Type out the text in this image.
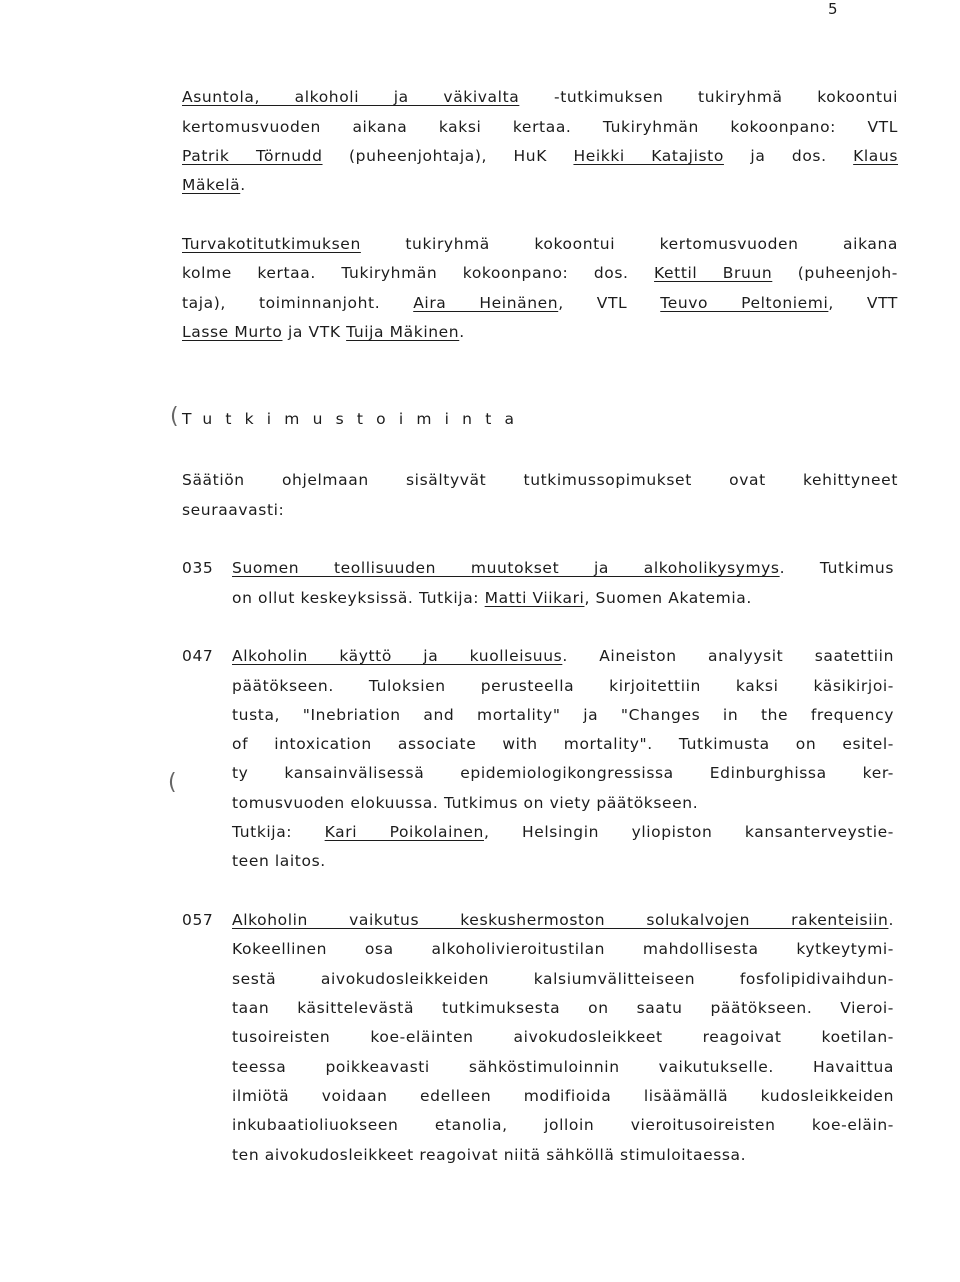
5
Asuntola, alkoholi ja väkivalta -tutkimuksen tukiryhmä kokoontui
kertomusvuoden aikana kaksi kertaa. Tukiryhmän kokoonpano: VTL
Patrik Törnudd (puheenjohtaja), HuK Heikki Katajisto ja dos. Klaus
Mäkelä.
Turvakotitutkimuksen tukiryhmä kokoontui kertomusvuoden aikana
kolme kertaa. Tukiryhmän kokoonpano: dos. Kettil Bruun (puheenjoh-
taja), toiminnanjoht. Aira Heinänen, VTL Teuvo Peltoniemi, VTT
Lasse Murto ja VTK Tuija Mäkinen.
( Tutkimustoiminta
Säätiön ohjelmaan sisältyvät tutkimussopimukset ovat kehittyneet
seuraavasti:
035 Suomen teollisuuden muutokset ja alkoholikysymys. Tutkimus
on ollut keskeyksissä. Tutkija: Matti Viikari, Suomen Akatemia.
047 Alkoholin käyttö ja kuolleisuus. Aineiston analyysit saatettiin
päätökseen. Tuloksien perusteella kirjoitettiin kaksi käsikirjoi-
tusta, "Inebriation and mortality" ja "Changes in the frequency
of intoxication associate with mortality". Tutkimusta on esitel-
ty kansainvälisessä epidemiologikongressissa Edinburghissa ker-
tomusvuoden elokuussa. Tutkimus on viety päätökseen.
Tutkija: Kari Poikolainen, Helsingin yliopiston kansanterveystie-
teen laitos.
(
057 Alkoholin vaikutus keskushermoston solukalvojen rakenteisiin.
Kokeellinen osa alkoholivieroitustilan mahdollisesta kytkeytymi-
sestä aivokudosleikkeiden kalsiumvälitteiseen fosfolipidivaihdun-
taan käsittelevästä tutkimuksesta on saatu päätökseen. Vieroi-
tusoireisten koe-eläinten aivokudosleikkeet reagoivat koetilan-
teessa poikkeavasti sähköstimuloinnin vaikutukselle. Havaittua
ilmiötä voidaan edelleen modifioida lisäämällä kudosleikkeiden
inkubaatioliuokseen etanolia, jolloin vieroitusoireisten koe-eläin-
ten aivokudosleikkeet reagoivat niitä sähköllä stimuloitaessa.
